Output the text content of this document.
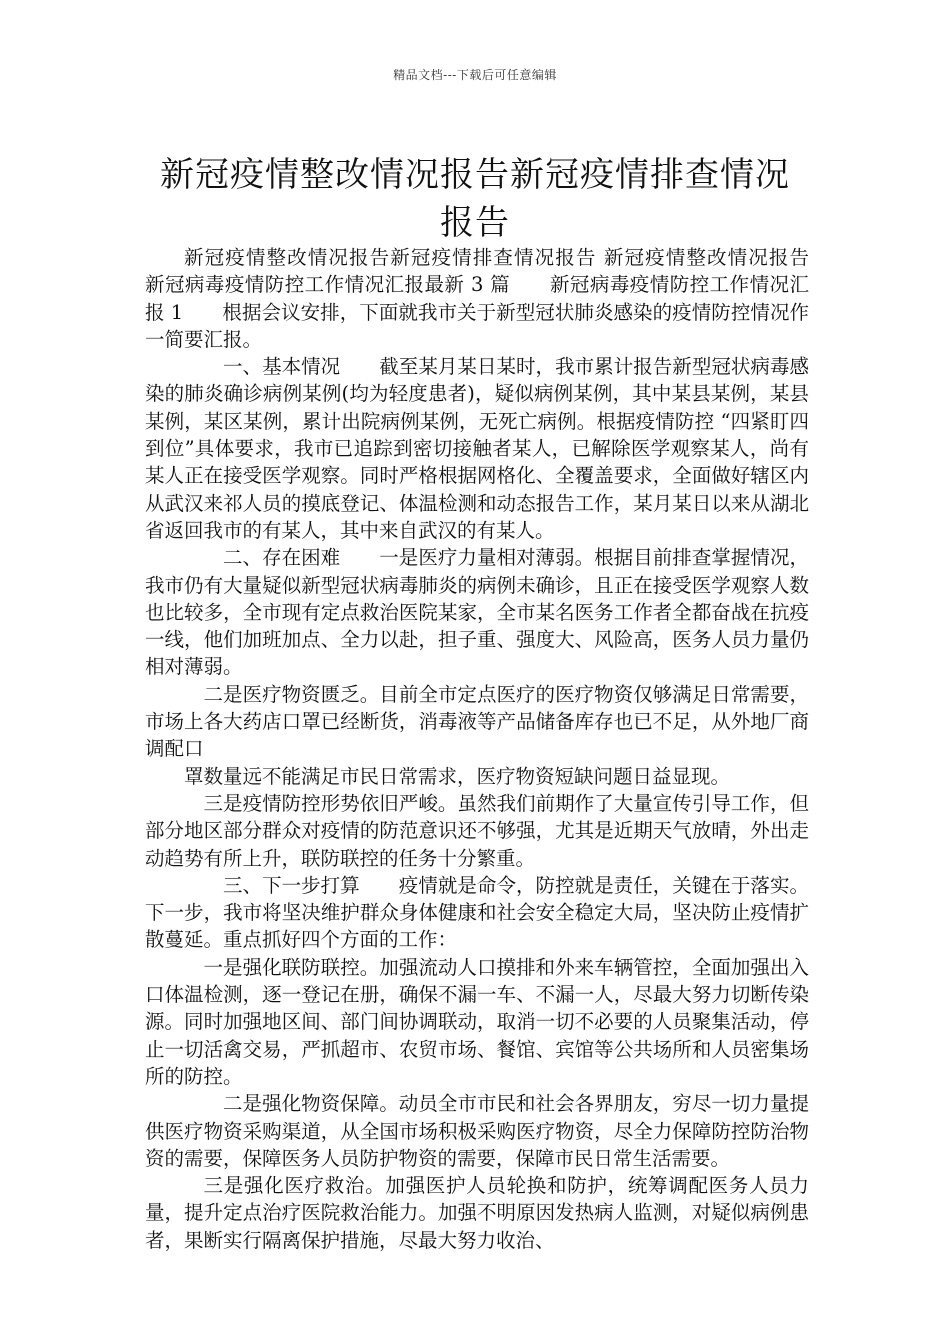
精品文档---下载后可任意编辑
新冠疫情整改情况报告新冠疫情排查情况
报告

新冠疫情整改情况报告新冠疫情排查情况报告 新冠疫情整改情况报告　　新冠病毒疫情防控工作情况汇报最新 3 篇　　新冠病毒疫情防控工作情况汇报 1　　根据会议安排，下面就我市关于新型冠状肺炎感染的疫情防控情况作一简要汇报。

一、基本情况　　截至某月某日某时，我市累计报告新型冠状病毒感染的肺炎确诊病例某例(均为轻度患者)，疑似病例某例，其中某县某例，某县某例，某区某例，累计出院病例某例，无死亡病例。根据疫情防控 “四紧盯四到位”具体要求，我市已追踪到密切接触者某人，已解除医学观察某人，尚有某人正在接受医学观察。同时严格根据网格化、全覆盖要求，全面做好辖区内从武汉来祁人员的摸底登记、体温检测和动态报告工作，某月某日以来从湖北省返回我市的有某人，其中来自武汉的有某人。

二、存在困难　　一是医疗力量相对薄弱。根据目前排查掌握情况，我市仍有大量疑似新型冠状病毒肺炎的病例未确诊，且正在接受医学观察人数也比较多，全市现有定点救治医院某家，全市某名医务工作者全都奋战在抗疫一线，他们加班加点、全力以赴，担子重、强度大、风险高，医务人员力量仍相对薄弱。

二是医疗物资匮乏。目前全市定点医疗的医疗物资仅够满足日常需要，市场上各大药店口罩已经断货，消毒液等产品储备库存也已不足，从外地厂商调配口

罩数量远不能满足市民日常需求，医疗物资短缺问题日益显现。

三是疫情防控形势依旧严峻。虽然我们前期作了大量宣传引导工作，但部分地区部分群众对疫情的防范意识还不够强，尤其是近期天气放晴，外出走动趋势有所上升，联防联控的任务十分繁重。

三、下一步打算　　疫情就是命令，防控就是责任，关键在于落实。下一步，我市将坚决维护群众身体健康和社会安全稳定大局，坚决防止疫情扩散蔓延。重点抓好四个方面的工作：

一是强化联防联控。加强流动人口摸排和外来车辆管控，全面加强出入口体温检测，逐一登记在册，确保不漏一车、不漏一人，尽最大努力切断传染源。同时加强地区间、部门间协调联动，取消一切不必要的人员聚集活动，停止一切活禽交易，严抓超市、农贸市场、餐馆、宾馆等公共场所和人员密集场所的防控。

二是强化物资保障。动员全市市民和社会各界朋友，穷尽一切力量提供医疗物资采购渠道，从全国市场积极采购医疗物资，尽全力保障防控防治物资的需要，保障医务人员防护物资的需要，保障市民日常生活需要。

三是强化医疗救治。加强医护人员轮换和防护，统筹调配医务人员力量，提升定点治疗医院救治能力。加强不明原因发热病人监测，对疑似病例患者，果断实行隔离保护措施，尽最大努力收治、
